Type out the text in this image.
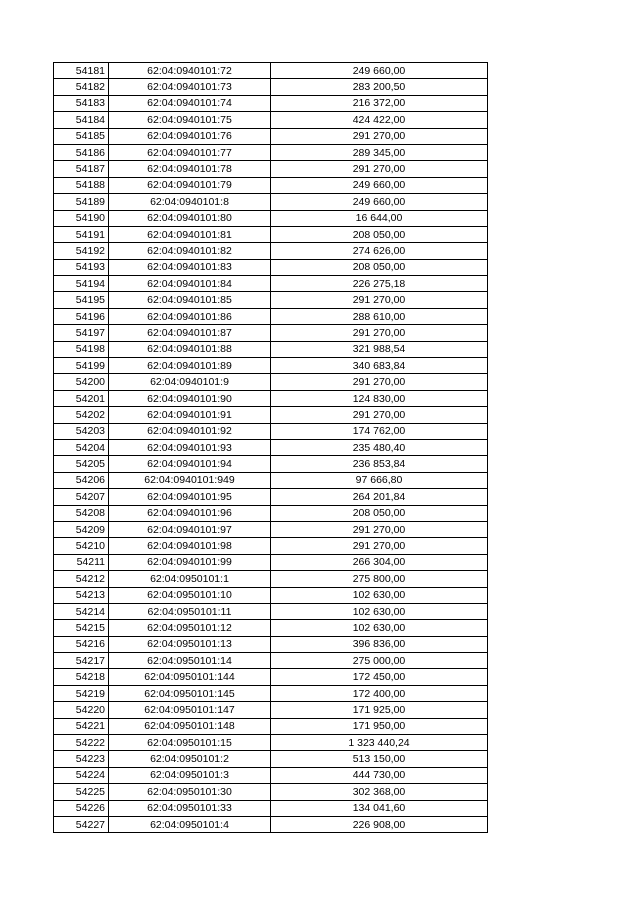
54181	62:04:0940101:72	249 660,00
54182	62:04:0940101:73	283 200,50
54183	62:04:0940101:74	216 372,00
54184	62:04:0940101:75	424 422,00
54185	62:04:0940101:76	291 270,00
54186	62:04:0940101:77	289 345,00
54187	62:04:0940101:78	291 270,00
54188	62:04:0940101:79	249 660,00
54189	62:04:0940101:8	249 660,00
54190	62:04:0940101:80	16 644,00
54191	62:04:0940101:81	208 050,00
54192	62:04:0940101:82	274 626,00
54193	62:04:0940101:83	208 050,00
54194	62:04:0940101:84	226 275,18
54195	62:04:0940101:85	291 270,00
54196	62:04:0940101:86	288 610,00
54197	62:04:0940101:87	291 270,00
54198	62:04:0940101:88	321 988,54
54199	62:04:0940101:89	340 683,84
54200	62:04:0940101:9	291 270,00
54201	62:04:0940101:90	124 830,00
54202	62:04:0940101:91	291 270,00
54203	62:04:0940101:92	174 762,00
54204	62:04:0940101:93	235 480,40
54205	62:04:0940101:94	236 853,84
54206	62:04:0940101:949	97 666,80
54207	62:04:0940101:95	264 201,84
54208	62:04:0940101:96	208 050,00
54209	62:04:0940101:97	291 270,00
54210	62:04:0940101:98	291 270,00
54211	62:04:0940101:99	266 304,00
54212	62:04:0950101:1	275 800,00
54213	62:04:0950101:10	102 630,00
54214	62:04:0950101:11	102 630,00
54215	62:04:0950101:12	102 630,00
54216	62:04:0950101:13	396 836,00
54217	62:04:0950101:14	275 000,00
54218	62:04:0950101:144	172 450,00
54219	62:04:0950101:145	172 400,00
54220	62:04:0950101:147	171 925,00
54221	62:04:0950101:148	171 950,00
54222	62:04:0950101:15	1 323 440,24
54223	62:04:0950101:2	513 150,00
54224	62:04:0950101:3	444 730,00
54225	62:04:0950101:30	302 368,00
54226	62:04:0950101:33	134 041,60
54227	62:04:0950101:4	226 908,00
